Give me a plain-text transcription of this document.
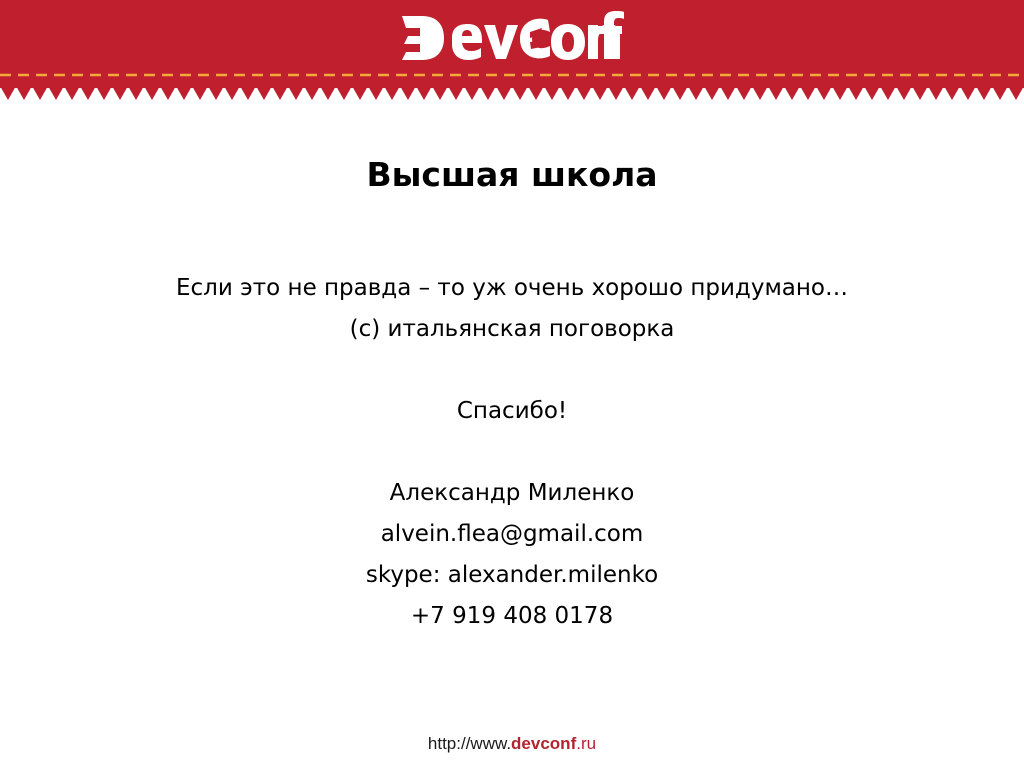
Высшая школа
Если это не правда – то уж очень хорошо придумано…
(с) итальянская поговорка
Спасибо!
Александр Миленко
alvein.flea@gmail.com
skype: alexander.milenko
+7 919 408 0178
http://www.devconf.ru
